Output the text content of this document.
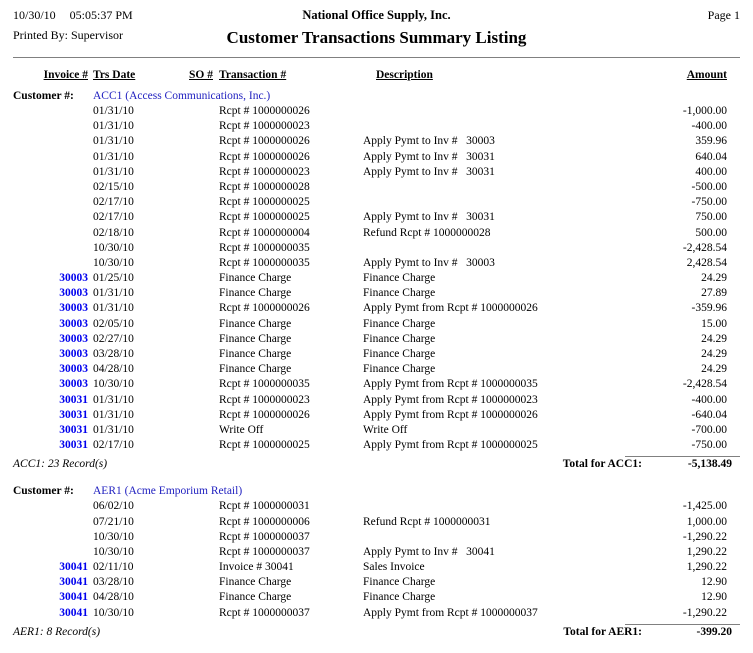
10/30/10 05:05:37 PM
Printed By: Supervisor
National Office Supply, Inc.
Customer Transactions Summary Listing
Page 1
Invoice # Trs Date	SO # Transaction #	Description	Amount
Customer #:	ACC1 (Access Communications, Inc.)
01/31/10	Rcpt # 1000000026	-1,000.00
01/31/10	Rcpt # 1000000023	-400.00
01/31/10	Rcpt # 1000000026	Apply Pymt to Inv #   30003	359.96
01/31/10	Rcpt # 1000000026	Apply Pymt to Inv #   30031	640.04
01/31/10	Rcpt # 1000000023	Apply Pymt to Inv #   30031	400.00
02/15/10	Rcpt # 1000000028	-500.00
02/17/10	Rcpt # 1000000025	-750.00
02/17/10	Rcpt # 1000000025	Apply Pymt to Inv #   30031	750.00
02/18/10	Rcpt # 1000000004	Refund Rcpt # 1000000028	500.00
10/30/10	Rcpt # 1000000035	-2,428.54
10/30/10	Rcpt # 1000000035	Apply Pymt to Inv #   30003	2,428.54
30003 01/25/10	Finance Charge	Finance Charge	24.29
30003 01/31/10	Finance Charge	Finance Charge	27.89
30003 01/31/10	Rcpt # 1000000026	Apply Pymt from Rcpt # 1000000026	-359.96
30003 02/05/10	Finance Charge	Finance Charge	15.00
30003 02/27/10	Finance Charge	Finance Charge	24.29
30003 03/28/10	Finance Charge	Finance Charge	24.29
30003 04/28/10	Finance Charge	Finance Charge	24.29
30003 10/30/10	Rcpt # 1000000035	Apply Pymt from Rcpt # 1000000035	-2,428.54
30031 01/31/10	Rcpt # 1000000023	Apply Pymt from Rcpt # 1000000023	-400.00
30031 01/31/10	Rcpt # 1000000026	Apply Pymt from Rcpt # 1000000026	-640.04
30031 01/31/10	Write Off	Write Off	-700.00
30031 02/17/10	Rcpt # 1000000025	Apply Pymt from Rcpt # 1000000025	-750.00
ACC1: 23 Record(s)	Total for ACC1:	-5,138.49
Customer #:	AER1 (Acme Emporium Retail)
06/02/10	Rcpt # 1000000031	-1,425.00
07/21/10	Rcpt # 1000000006	Refund Rcpt # 1000000031	1,000.00
10/30/10	Rcpt # 1000000037	-1,290.22
10/30/10	Rcpt # 1000000037	Apply Pymt to Inv #   30041	1,290.22
30041 02/11/10	Invoice # 30041	Sales Invoice	1,290.22
30041 03/28/10	Finance Charge	Finance Charge	12.90
30041 04/28/10	Finance Charge	Finance Charge	12.90
30041 10/30/10	Rcpt # 1000000037	Apply Pymt from Rcpt # 1000000037	-1,290.22
AER1: 8 Record(s)	Total for AER1:	-399.20
